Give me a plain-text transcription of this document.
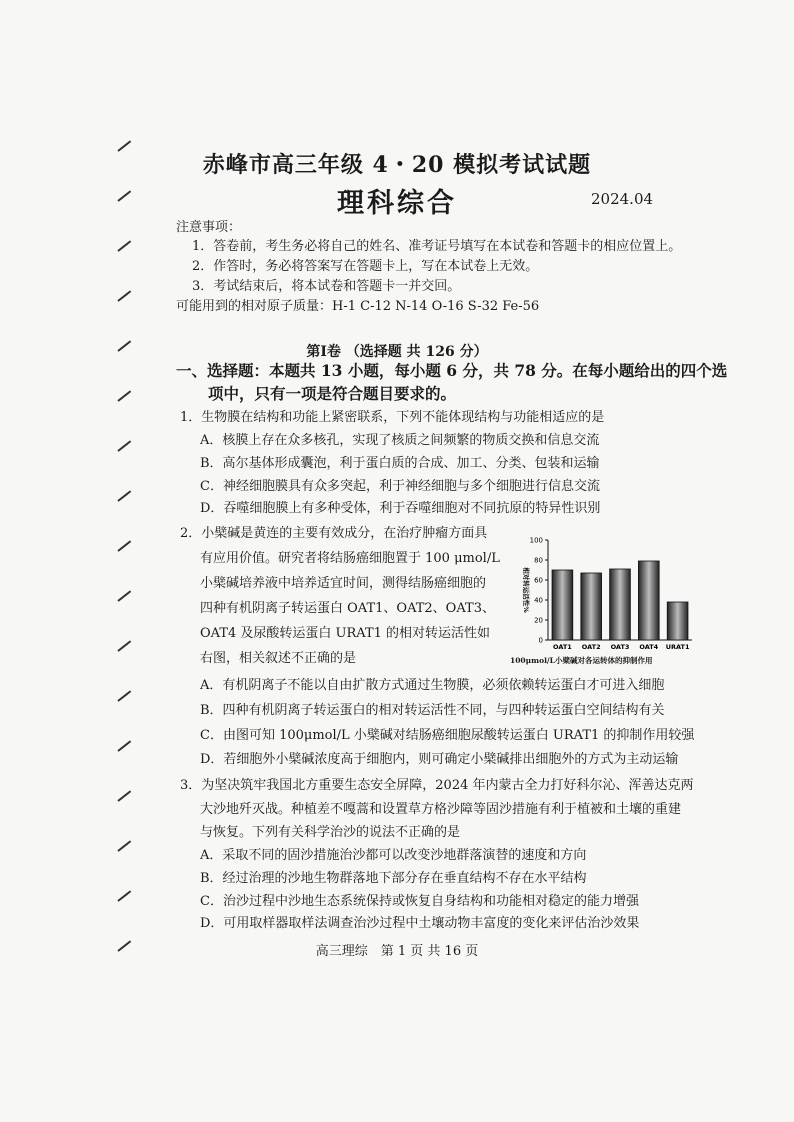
赤峰市高三年级 4・20 模拟考试试题
理科综合	2024.04
注意事项：
1．答卷前，考生务必将自己的姓名、准考证号填写在本试卷和答题卡的相应位置上。
2．作答时，务必将答案写在答题卡上，写在本试卷上无效。
3．考试结束后，将本试卷和答题卡一并交回。
可能用到的相对原子质量：H-1 C-12 N-14 O-16 S-32 Fe-56
第Ⅰ卷 （选择题 共 126 分）
一、选择题：本题共 13 小题，每小题 6 分，共 78 分。在每小题给出的四个选
项中，只有一项是符合题目要求的。
1．生物膜在结构和功能上紧密联系，下列不能体现结构与功能相适应的是
A．核膜上存在众多核孔，实现了核质之间频繁的物质交换和信息交流
B．高尔基体形成囊泡，利于蛋白质的合成、加工、分类、包装和运输
C．神经细胞膜具有众多突起，利于神经细胞与多个细胞进行信息交流
D．吞噬细胞膜上有多种受体，利于吞噬细胞对不同抗原的特异性识别
2．小檗碱是黄连的主要有效成分，在治疗肿瘤方面具
有应用价值。研究者将结肠癌细胞置于 100 μmol/L
小檗碱培养液中培养适宜时间，测得结肠癌细胞的
四种有机阴离子转运蛋白 OAT1、OAT2、OAT3、
OAT4 及尿酸转运蛋白 URAT1 的相对转运活性如
右图，相关叙述不正确的是
0
20
40
60
80
100
相对转运活性%
OAT1 OAT2 OAT3 OAT4 URAT1
100μmol/L小檗碱对各运转体的抑制作用
A．有机阴离子不能以自由扩散方式通过生物膜，必须依赖转运蛋白才可进入细胞
B．四种有机阴离子转运蛋白的相对转运活性不同，与四种转运蛋白空间结构有关
C．由图可知 100μmol/L 小檗碱对结肠癌细胞尿酸转运蛋白 URAT1 的抑制作用较强
D．若细胞外小檗碱浓度高于细胞内，则可确定小檗碱排出细胞外的方式为主动运输
3．为坚决筑牢我国北方重要生态安全屏障，2024 年内蒙古全力打好科尔沁、浑善达克两
大沙地歼灭战。种植差不嘎蒿和设置草方格沙障等固沙措施有利于植被和土壤的重建
与恢复。下列有关科学治沙的说法不正确的是
A．采取不同的固沙措施治沙都可以改变沙地群落演替的速度和方向
B．经过治理的沙地生物群落地下部分存在垂直结构不存在水平结构
C．治沙过程中沙地生态系统保持或恢复自身结构和功能相对稳定的能力增强
D．可用取样器取样法调查治沙过程中土壤动物丰富度的变化来评估治沙效果
高三理综　第 1 页 共 16 页
